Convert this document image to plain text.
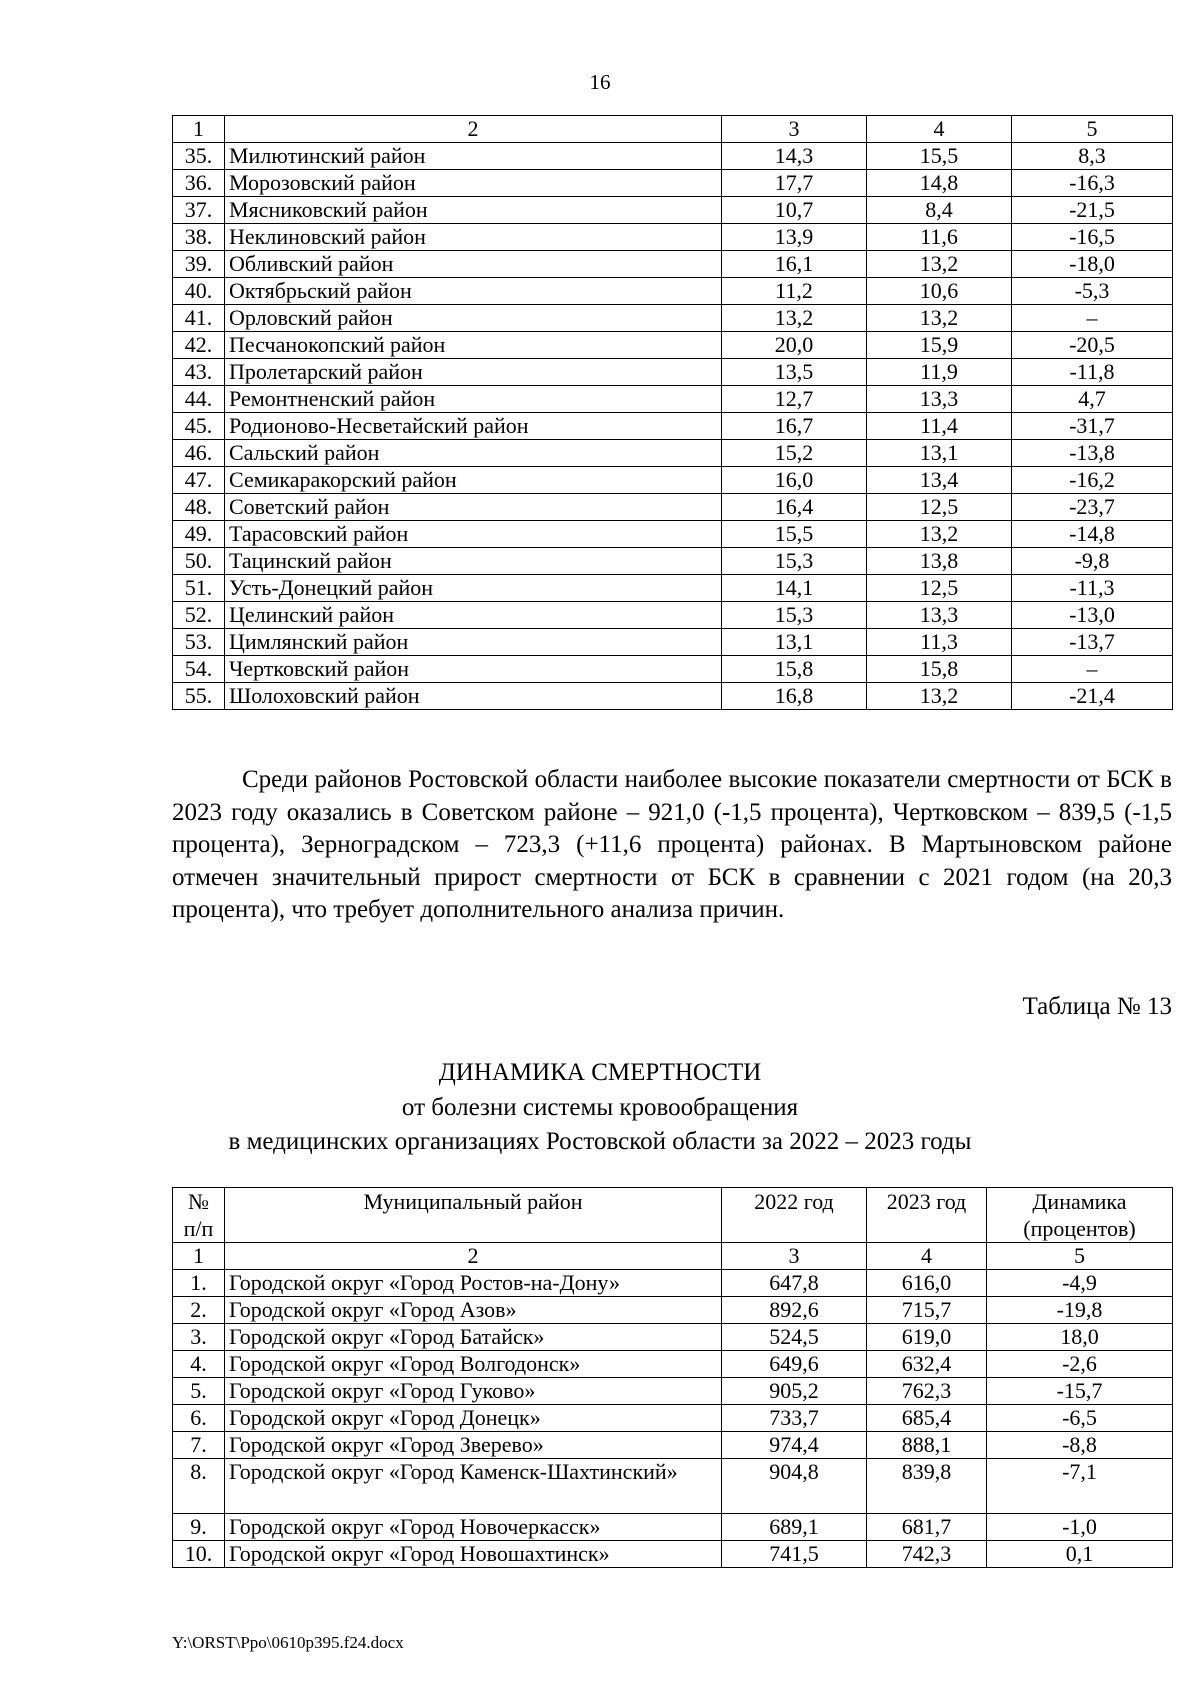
16
1	2	3	4	5
35.	Милютинский район	14,3	15,5	8,3
36.	Морозовский район	17,7	14,8	-16,3
37.	Мясниковский район	10,7	8,4	-21,5
38.	Неклиновский район	13,9	11,6	-16,5
39.	Обливский район	16,1	13,2	-18,0
40.	Октябрьский район	11,2	10,6	-5,3
41.	Орловский район	13,2	13,2	–
42.	Песчанокопский район	20,0	15,9	-20,5
43.	Пролетарский район	13,5	11,9	-11,8
44.	Ремонтненский район	12,7	13,3	4,7
45.	Родионово-Несветайский район	16,7	11,4	-31,7
46.	Сальский район	15,2	13,1	-13,8
47.	Семикаракорский район	16,0	13,4	-16,2
48.	Советский район	16,4	12,5	-23,7
49.	Тарасовский район	15,5	13,2	-14,8
50.	Тацинский район	15,3	13,8	-9,8
51.	Усть-Донецкий район	14,1	12,5	-11,3
52.	Целинский район	15,3	13,3	-13,0
53.	Цимлянский район	13,1	11,3	-13,7
54.	Чертковский район	15,8	15,8	–
55.	Шолоховский район	16,8	13,2	-21,4
Среди районов Ростовской области наиболее высокие показатели смертности от БСК в 2023 году оказались в Советском районе – 921,0 (-1,5 процента), Чертковском – 839,5 (-1,5 процента), Зерноградском – 723,3 (+11,6 процента) районах. В Мартыновском районе отмечен значительный прирост смертности от БСК в сравнении с 2021 годом (на 20,3 процента), что требует дополнительного анализа причин.
Таблица № 13
ДИНАМИКА СМЕРТНОСТИ
от болезни системы кровообращения
в медицинских организациях Ростовской области за 2022 – 2023 годы
№ п/п	Муниципальный район	2022 год	2023 год	Динамика (процентов)
1	2	3	4	5
1.	Городской округ «Город Ростов-на-Дону»	647,8	616,0	-4,9
2.	Городской округ «Город Азов»	892,6	715,7	-19,8
3.	Городской округ «Город Батайск»	524,5	619,0	18,0
4.	Городской округ «Город Волгодонск»	649,6	632,4	-2,6
5.	Городской округ «Город Гуково»	905,2	762,3	-15,7
6.	Городской округ «Город Донецк»	733,7	685,4	-6,5
7.	Городской округ «Город Зверево»	974,4	888,1	-8,8
8.	Городской округ «Город Каменск-Шахтинский»	904,8	839,8	-7,1
9.	Городской округ «Город Новочеркасск»	689,1	681,7	-1,0
10.	Городской округ «Город Новошахтинск»	741,5	742,3	0,1
Y:\ORST\Ppo\0610p395.f24.docx
